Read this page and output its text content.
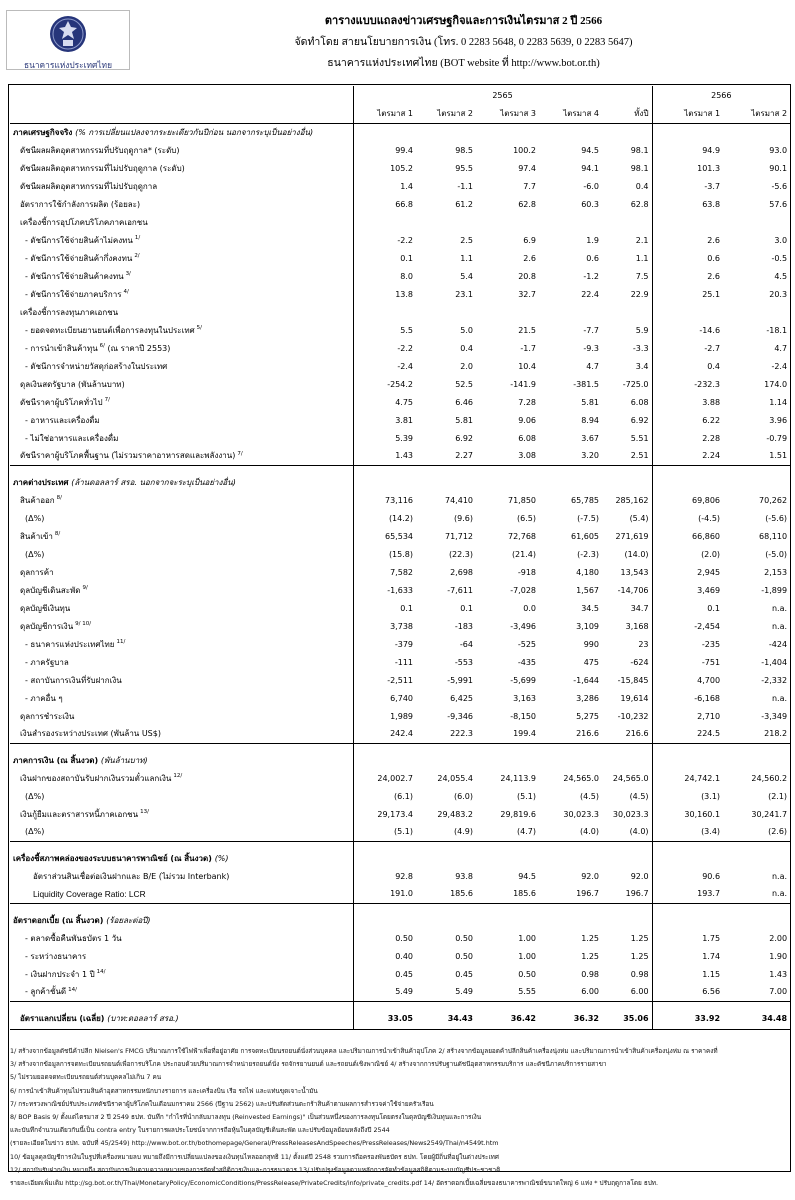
ธนาคารแห่งประเทศไทย
ตารางแบบแถลงข่าวเศรษฐกิจและการเงินไตรมาส 2 ปี 2566
จัดทำโดย สายนโยบายการเงิน (โทร. 0 2283 5648, 0 2283 5639, 0 2283 5647)
ธนาคารแห่งประเทศไทย (BOT website ที่ http://www.bot.or.th)
	2565					2566	
	ไตรมาส 1	ไตรมาส 2	ไตรมาส 3	ไตรมาส 4	ทั้งปี	ไตรมาส 1	ไตรมาส 2
ภาคเศรษฐกิจจริง (% การเปลี่ยนแปลงจากระยะเดียวกันปีก่อน นอกจากระบุเป็นอย่างอื่น)							
ดัชนีผลผลิตอุตสาหกรรมที่ปรับฤดูกาล* (ระดับ)	99.4	98.5	100.2	94.5	98.1	94.9	93.0
ดัชนีผลผลิตอุตสาหกรรมที่ไม่ปรับฤดูกาล (ระดับ)	105.2	95.5	97.4	94.1	98.1	101.3	90.1
ดัชนีผลผลิตอุตสาหกรรมที่ไม่ปรับฤดูกาล	1.4	-1.1	7.7	-6.0	0.4	-3.7	-5.6
อัตราการใช้กำลังการผลิต (ร้อยละ)	66.8	61.2	62.8	60.3	62.8	63.8	57.6
เครื่องชี้การอุปโภคบริโภคภาคเอกชน							
- ดัชนีการใช้จ่ายสินค้าไม่คงทน $^{1/}$	-2.2	2.5	6.9	1.9	2.1	2.6	3.0
- ดัชนีการใช้จ่ายสินค้ากึ่งคงทน $^{2/}$	0.1	1.1	2.6	0.6	1.1	0.6	-0.5
- ดัชนีการใช้จ่ายสินค้าคงทน $^{3/}$	8.0	5.4	20.8	-1.2	7.5	2.6	4.5
- ดัชนีการใช้จ่ายภาคบริการ $^{4/}$	13.8	23.1	32.7	22.4	22.9	25.1	20.3
เครื่องชี้การลงทุนภาคเอกชน							
- ยอดจดทะเบียนยานยนต์เพื่อการลงทุนในประเทศ $^{5/}$	5.5	5.0	21.5	-7.7	5.9	-14.6	-18.1
- การนำเข้าสินค้าทุน $^{6/}$ (ณ ราคาปี 2553)	-2.2	0.4	-1.7	-9.3	-3.3	-2.7	4.7
- ดัชนีการจำหน่ายวัสดุก่อสร้างในประเทศ	-2.4	2.0	10.4	4.7	3.4	0.4	-2.4
ดุลเงินสดรัฐบาล (พันล้านบาท)	-254.2	52.5	-141.9	-381.5	-725.0	-232.3	174.0
ดัชนีราคาผู้บริโภคทั่วไป $^{7/}$	4.75	6.46	7.28	5.81	6.08	3.88	1.14
- อาหารและเครื่องดื่ม	3.81	5.81	9.06	8.94	6.92	6.22	3.96
- ไม่ใช่อาหารและเครื่องดื่ม	5.39	6.92	6.08	3.67	5.51	2.28	-0.79
ดัชนีราคาผู้บริโภคพื้นฐาน (ไม่รวมราคาอาหารสดและพลังงาน) $^{7/}$	1.43	2.27	3.08	3.20	2.51	2.24	1.51

ภาคต่างประเทศ (ล้านดอลลาร์ สรอ. นอกจากจะระบุเป็นอย่างอื่น)							
สินค้าออก $^{8/}$	73,116	74,410	71,850	65,785	285,162	69,806	70,262
(Δ%)	(14.2)	(9.6)	(6.5)	(-7.5)	(5.4)	(-4.5)	(-5.6)
สินค้าเข้า $^{8/}$	65,534	71,712	72,768	61,605	271,619	66,860	68,110
(Δ%)	(15.8)	(22.3)	(21.4)	(-2.3)	(14.0)	(2.0)	(-5.0)
ดุลการค้า	7,582	2,698	-918	4,180	13,543	2,945	2,153
ดุลบัญชีเดินสะพัด $^{9/}$	-1,633	-7,611	-7,028	1,567	-14,706	3,469	-1,899
ดุลบัญชีเงินทุน	0.1	0.1	0.0	34.5	34.7	0.1	n.a.
ดุลบัญชีการเงิน $^{9/ 10/}$	3,738	-183	-3,496	3,109	3,168	-2,454	n.a.
- ธนาคารแห่งประเทศไทย $^{11/}$	-379	-64	-525	990	23	-235	-424
- ภาครัฐบาล	-111	-553	-435	475	-624	-751	-1,404
- สถาบันการเงินที่รับฝากเงิน	-2,511	-5,991	-5,699	-1,644	-15,845	4,700	-2,332
- ภาคอื่น ๆ	6,740	6,425	3,163	3,286	19,614	-6,168	n.a.
ดุลการชำระเงิน	1,989	-9,346	-8,150	5,275	-10,232	2,710	-3,349
เงินสำรองระหว่างประเทศ (พันล้าน US$)	242.4	222.3	199.4	216.6	216.6	224.5	218.2

ภาคการเงิน (ณ สิ้นงวด) (พันล้านบาท)							
เงินฝากของสถาบันรับฝากเงินรวมตั๋วแลกเงิน $^{12/}$	24,002.7	24,055.4	24,113.9	24,565.0	24,565.0	24,742.1	24,560.2
(Δ%)	(6.1)	(6.0)	(5.1)	(4.5)	(4.5)	(3.1)	(2.1)
เงินกู้ยืมและตราสารหนี้ภาคเอกชน $^{13/}$	29,173.4	29,483.2	29,819.6	30,023.3	30,023.3	30,160.1	30,241.7
(Δ%)	(5.1)	(4.9)	(4.7)	(4.0)	(4.0)	(3.4)	(2.6)

เครื่องชี้สภาพคล่องของระบบธนาคารพาณิชย์ (ณ สิ้นงวด) (%)							
อัตราส่วนสินเชื่อต่อเงินฝากและ B/E (ไม่รวม Interbank)	92.8	93.8	94.5	92.0	92.0	90.6	n.a.
Liquidity Coverage Ratio: LCR	191.0	185.6	185.6	196.7	196.7	193.7	n.a.

อัตราดอกเบี้ย (ณ สิ้นงวด) (ร้อยละต่อปี)							
- ตลาดซื้อคืนพันธบัตร 1 วัน	0.50	0.50	1.00	1.25	1.25	1.75	2.00
- ระหว่างธนาคาร	0.40	0.50	1.00	1.25	1.25	1.74	1.90
- เงินฝากประจำ 1 ปี $^{14/}$	0.45	0.45	0.50	0.98	0.98	1.15	1.43
- ลูกค้าชั้นดี $^{14/}$	5.49	5.49	5.55	6.00	6.00	6.56	7.00

อัตราแลกเปลี่ยน (เฉลี่ย) (บาท:ดอลลาร์ สรอ.)	33.05	34.43	36.42	36.32	35.06	33.92	34.48
1/ สร้างจากข้อมูลดัชนีค้าปลีก Nielsen's FMCG ปริมาณการใช้ไฟฟ้าเพื่อที่อยู่อาศัย การจดทะเบียนรถยนต์นั่งส่วนบุคคล และปริมาณการนำเข้าสินค้าอุปโภค 2/ สร้างจากข้อมูลยอดค้าปลีกสินค้าเครื่องนุ่งห่ม และปริมาณการนำเข้าสินค้าเครื่องนุ่งห่ม ณ ราคาคงที่
3/ สร้างจากข้อมูลการจดทะเบียนรถยนต์เพื่อการบริโภค ประกอบด้วยปริมาณการจำหน่ายรถยนต์นั่ง รถจักรยานยนต์ และรถยนต์เชิงพาณิชย์ 4/ สร้างจากการปรับฐานดัชนีอุตสาหกรรมบริการ และดัชนีภาคบริการรายสาขา
5/ ไม่รวมยอดจดทะเบียนรถยนต์ส่วนบุคคลไม่เกิน 7 คน
6/ การนำเข้าสินค้าทุนไม่รวมสินค้าอุตสาหกรรมหนักบางรายการ และเครื่องบิน เรือ รถไฟ และแท่นขุดเจาะน้ำมัน
7/ กระทรวงพาณิชย์ปรับประเภทดัชนีราคาผู้บริโภคในเดือนมกราคม 2566 (ปีฐาน 2562) และปรับสัดส่วนตะกร้าสินค้าตามผลการสำรวจค่าใช้จ่ายครัวเรือน
8/ BOP Basis 9/ ตั้งแต่ไตรมาส 2 ปี 2549 ธปท. บันทึก "กำไรที่นำกลับมาลงทุน (Reinvested Earnings)" เป็นส่วนหนึ่งของการลงทุนโดยตรงในดุลบัญชีเงินทุนและการเงิน
และบันทึกจำนวนเดียวกันนี้เป็น contra entry ในรายการผลประโยชน์จากการถือหุ้นในดุลบัญชีเดินสะพัด และปรับข้อมูลย้อนหลังถึงปี 2544
(รายละเอียดในข่าว ธปท. ฉบับที่ 45/2549) http://www.bot.or.th/bothomepage/General/PressReleasesAndSpeeches/PressReleases/News2549/Thai/n4549t.htm
10/ ข้อมูลดุลบัญชีการเงินในรูปที่เครื่องหมายลบ หมายถึงมีการเปลี่ยนแปลงของเงินทุนไหลออกสุทธิ 11/ ตั้งแต่ปี 2548 รวมการถือครองพันธบัตร ธปท. โดยผู้มีถิ่นที่อยู่ในต่างประเทศ
12/ สถาบันรับฝากเงิน หมายถึง สถาบันการเงินตามความหมายของการจัดทำสถิติการเงินและการธนาคาร 13/ ปรับปรุงข้อมูลตามหลักการจัดทำข้อมูลสถิติตามระบบบัญชีประชาชาติ
รายละเอียดเพิ่มเติม http://sg.bot.or.th/Thai/MonetaryPolicy/EconomicConditions/PressRelease/PrivateCredits/info/private_credits.pdf 14/ อัตราดอกเบี้ยเฉลี่ยของธนาคารพาณิชย์ขนาดใหญ่ 6 แห่ง * ปรับฤดูกาลโดย ธปท.
